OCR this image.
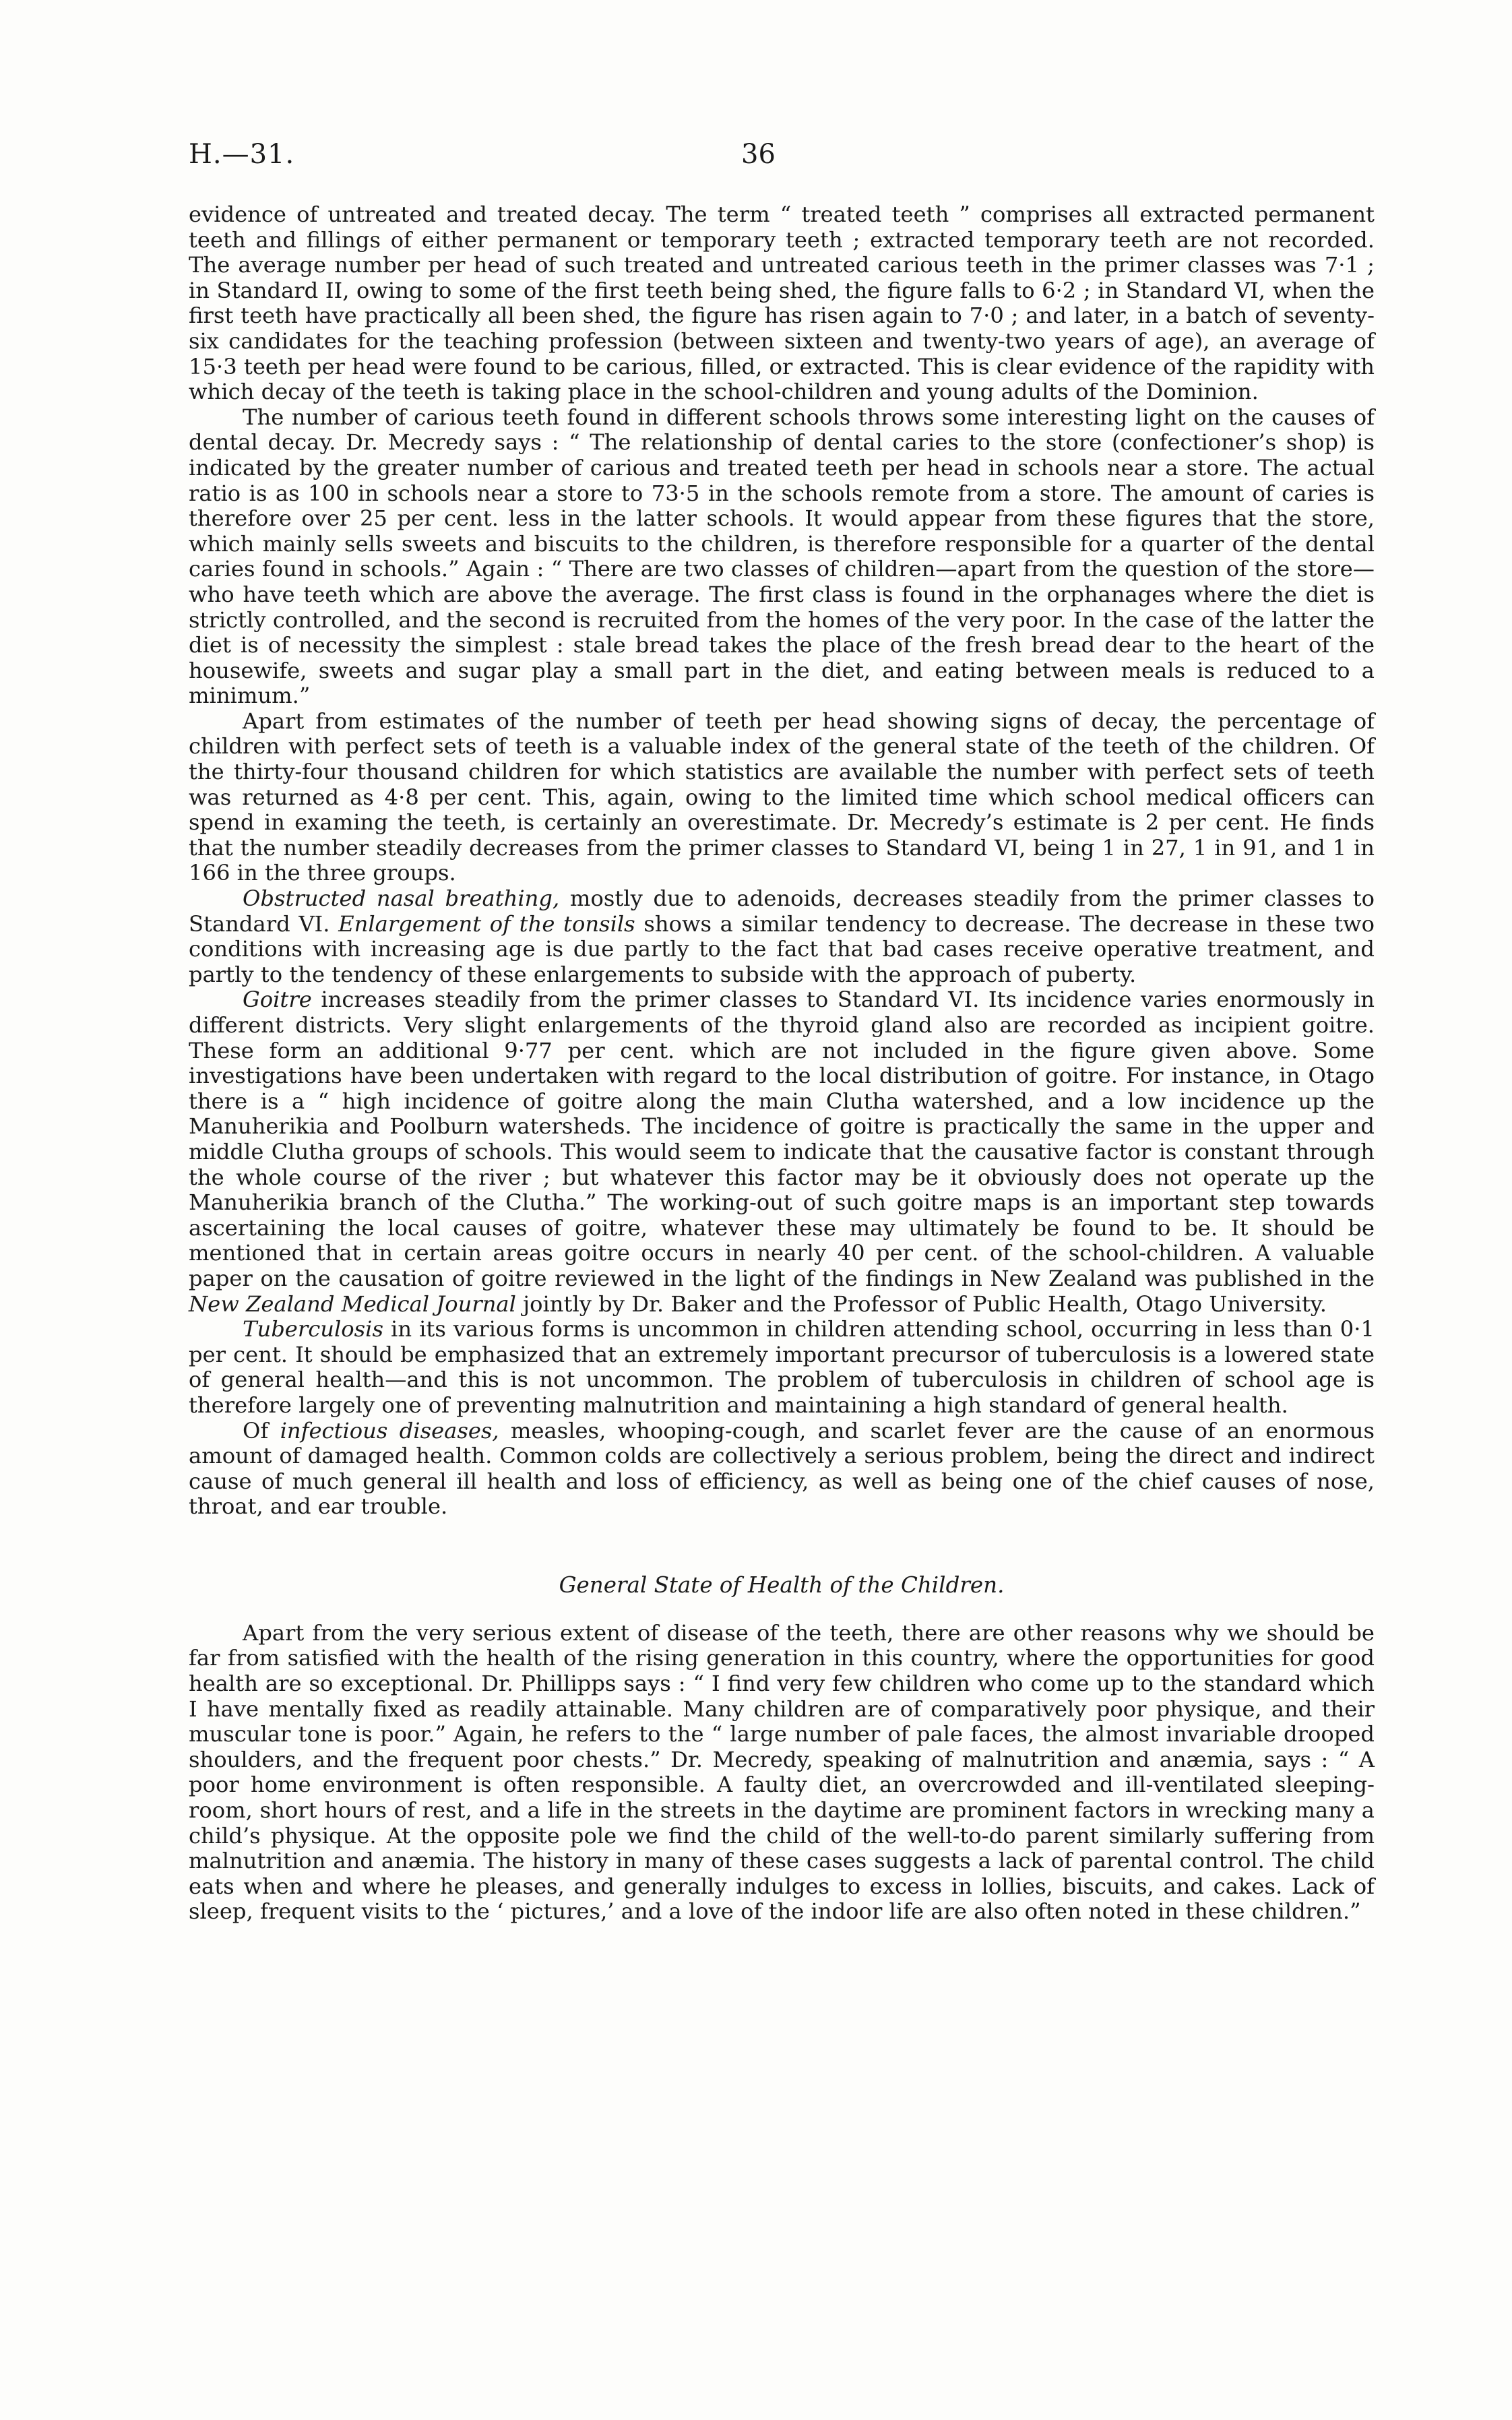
H.—31.	36

evidence of untreated and treated decay. The term “ treated teeth ” comprises all extracted permanent teeth and fillings of either permanent or temporary teeth ; extracted temporary teeth are not recorded. The average number per head of such treated and untreated carious teeth in the primer classes was 7·1 ; in Standard II, owing to some of the first teeth being shed, the figure falls to 6·2 ; in Standard VI, when the first teeth have practically all been shed, the figure has risen again to 7·0 ; and later, in a batch of seventy-six candidates for the teaching profession (between sixteen and twenty-two years of age), an average of 15·3 teeth per head were found to be carious, filled, or extracted. This is clear evidence of the rapidity with which decay of the teeth is taking place in the school-children and young adults of the Dominion.

The number of carious teeth found in different schools throws some interesting light on the causes of dental decay. Dr. Mecredy says : “ The relationship of dental caries to the store (confectioner’s shop) is indicated by the greater number of carious and treated teeth per head in schools near a store. The actual ratio is as 100 in schools near a store to 73·5 in the schools remote from a store. The amount of caries is therefore over 25 per cent. less in the latter schools. It would appear from these figures that the store, which mainly sells sweets and biscuits to the children, is therefore responsible for a quarter of the dental caries found in schools.” Again : “ There are two classes of children—apart from the question of the store—who have teeth which are above the average. The first class is found in the orphanages where the diet is strictly controlled, and the second is recruited from the homes of the very poor. In the case of the latter the diet is of necessity the simplest : stale bread takes the place of the fresh bread dear to the heart of the housewife, sweets and sugar play a small part in the diet, and eating between meals is reduced to a minimum.”

Apart from estimates of the number of teeth per head showing signs of decay, the percentage of children with perfect sets of teeth is a valuable index of the general state of the teeth of the children. Of the thirty-four thousand children for which statistics are available the number with perfect sets of teeth was returned as 4·8 per cent. This, again, owing to the limited time which school medical officers can spend in examing the teeth, is certainly an overestimate. Dr. Mecredy’s estimate is 2 per cent. He finds that the number steadily decreases from the primer classes to Standard VI, being 1 in 27, 1 in 91, and 1 in 166 in the three groups.

Obstructed nasal breathing, mostly due to adenoids, decreases steadily from the primer classes to Standard VI. Enlargement of the tonsils shows a similar tendency to decrease. The decrease in these two conditions with increasing age is due partly to the fact that bad cases receive operative treatment, and partly to the tendency of these enlargements to subside with the approach of puberty.

Goitre increases steadily from the primer classes to Standard VI. Its incidence varies enormously in different districts. Very slight enlargements of the thyroid gland also are recorded as incipient goitre. These form an additional 9·77 per cent. which are not included in the figure given above. Some investigations have been undertaken with regard to the local distribution of goitre. For instance, in Otago there is a “ high incidence of goitre along the main Clutha watershed, and a low incidence up the Manuherikia and Poolburn watersheds. The incidence of goitre is practically the same in the upper and middle Clutha groups of schools. This would seem to indicate that the causative factor is constant through the whole course of the river ; but whatever this factor may be it obviously does not operate up the Manuherikia branch of the Clutha.” The working-out of such goitre maps is an important step towards ascertaining the local causes of goitre, whatever these may ultimately be found to be. It should be mentioned that in certain areas goitre occurs in nearly 40 per cent. of the school-children. A valuable paper on the causation of goitre reviewed in the light of the findings in New Zealand was published in the New Zealand Medical Journal jointly by Dr. Baker and the Professor of Public Health, Otago University.

Tuberculosis in its various forms is uncommon in children attending school, occurring in less than 0·1 per cent. It should be emphasized that an extremely important precursor of tuberculosis is a lowered state of general health—and this is not uncommon. The problem of tuberculosis in children of school age is therefore largely one of preventing malnutrition and maintaining a high standard of general health.

Of infectious diseases, measles, whooping-cough, and scarlet fever are the cause of an enormous amount of damaged health. Common colds are collectively a serious problem, being the direct and indirect cause of much general ill health and loss of efficiency, as well as being one of the chief causes of nose, throat, and ear trouble.

General State of Health of the Children.

Apart from the very serious extent of disease of the teeth, there are other reasons why we should be far from satisfied with the health of the rising generation in this country, where the opportunities for good health are so exceptional. Dr. Phillipps says : “ I find very few children who come up to the standard which I have mentally fixed as readily attainable. Many children are of comparatively poor physique, and their muscular tone is poor.” Again, he refers to the “ large number of pale faces, the almost invariable drooped shoulders, and the frequent poor chests.” Dr. Mecredy, speaking of malnutrition and anæmia, says : “ A poor home environment is often responsible. A faulty diet, an overcrowded and ill-ventilated sleeping-room, short hours of rest, and a life in the streets in the daytime are prominent factors in wrecking many a child’s physique. At the opposite pole we find the child of the well-to-do parent similarly suffering from malnutrition and anæmia. The history in many of these cases suggests a lack of parental control. The child eats when and where he pleases, and generally indulges to excess in lollies, biscuits, and cakes. Lack of sleep, frequent visits to the ‘ pictures,’ and a love of the indoor life are also often noted in these children.”
